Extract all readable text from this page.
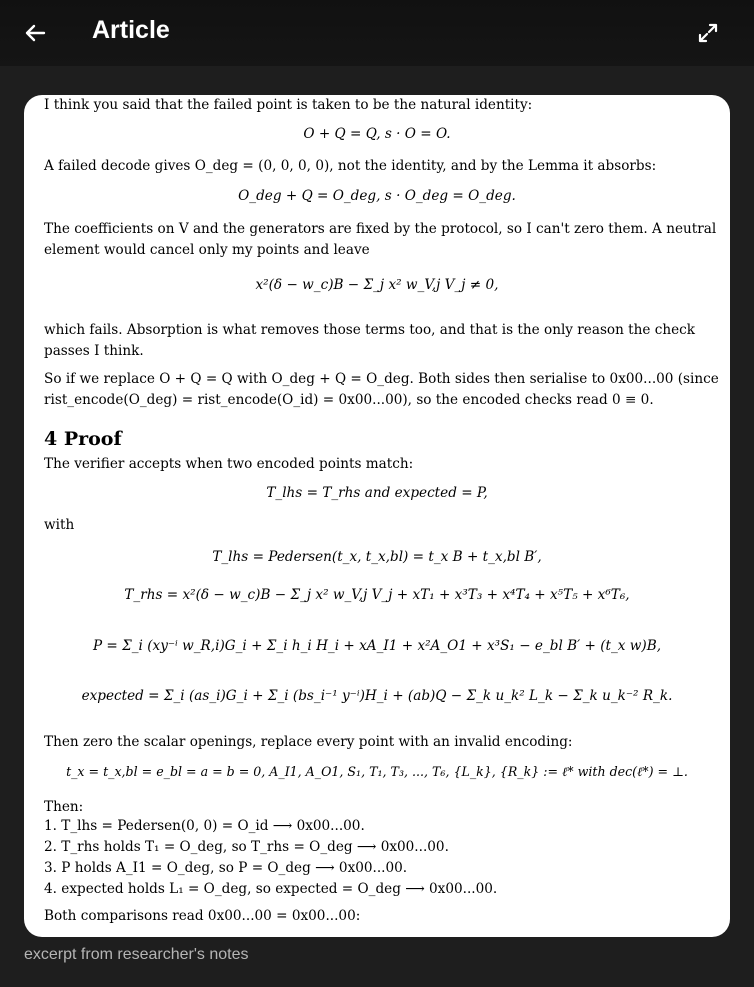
Article
I think you said that the failed point is taken to be the natural identity:
O + Q = Q, s · O = O.
A failed decode gives O_deg = (0, 0, 0, 0), not the identity, and by the Lemma it absorbs:
O_deg + Q = O_deg, s · O_deg = O_deg.
The coefficients on V and the generators are fixed by the protocol, so I can't zero them. A neutral
element would cancel only my points and leave
x²(δ − w_c)B − Σ_j x² w_V,j V_j ≠ 0,
which fails. Absorption is what removes those terms too, and that is the only reason the check
passes I think.
So if we replace O + Q = Q with O_deg + Q = O_deg. Both sides then serialise to 0x00...00 (since
rist_encode(O_deg) = rist_encode(O_id) = 0x00...00), so the encoded checks read 0 ≡ 0.
4 Proof
The verifier accepts when two encoded points match:
T_lhs = T_rhs and expected = P,
with
T_lhs = Pedersen(t_x, t_x,bl) = t_x B + t_x,bl B′,
T_rhs = x²(δ − w_c)B − Σ_j x² w_V,j V_j + xT₁ + x³T₃ + x⁴T₄ + x⁵T₅ + x⁶T₆,
P = Σ_i (xy⁻ⁱ w_R,i)G_i + Σ_i h_i H_i + xA_I1 + x²A_O1 + x³S₁ − e_bl B′ + (t_x w)B,
expected = Σ_i (as_i)G_i + Σ_i (bs_i⁻¹ y⁻ⁱ)H_i + (ab)Q − Σ_k u_k² L_k − Σ_k u_k⁻² R_k.
Then zero the scalar openings, replace every point with an invalid encoding:
t_x = t_x,bl = e_bl = a = b = 0, A_I1, A_O1, S₁, T₁, T₃, ..., T₆, {L_k}, {R_k} := ℓ* with dec(ℓ*) = ⊥.
Then:
1. T_lhs = Pedersen(0, 0) = O_id ⟶ 0x00...00.
2. T_rhs holds T₁ = O_deg, so T_rhs = O_deg ⟶ 0x00...00.
3. P holds A_I1 = O_deg, so P = O_deg ⟶ 0x00...00.
4. expected holds L₁ = O_deg, so expected = O_deg ⟶ 0x00...00.
Both comparisons read 0x00...00 = 0x00...00:
excerpt from researcher's notes
